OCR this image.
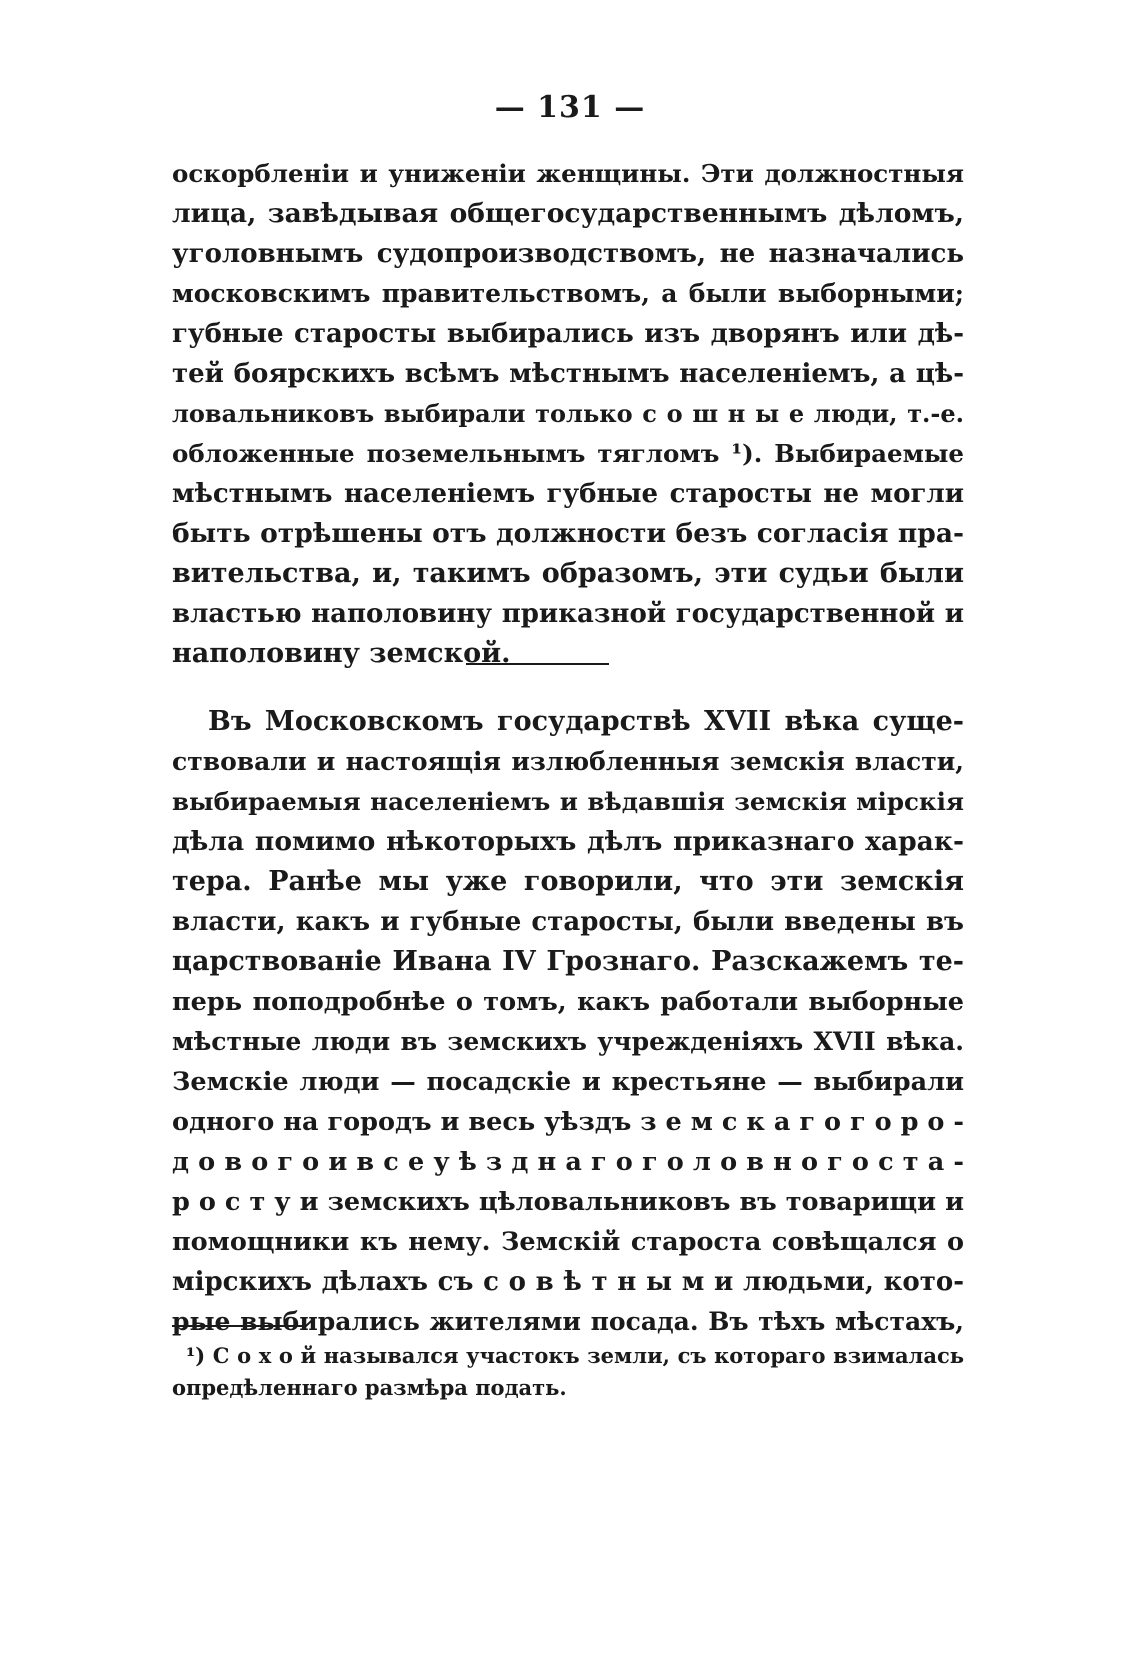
— 131 —
оскорбленіи и униженіи женщины. Эти должностныя
лица, завѣдывая общегосударственнымъ дѣломъ,
уголовнымъ судопроизводствомъ, не назначались
московскимъ правительствомъ, а были выборными;
губные старосты выбирались изъ дворянъ или дѣ-
тей боярскихъ всѣмъ мѣстнымъ населеніемъ, а цѣ-
ловальниковъ выбирали только с о ш н ы е люди, т.-е.
обложенные поземельнымъ тягломъ ¹). Выбираемые
мѣстнымъ населеніемъ губные старосты не могли
быть отрѣшены отъ должности безъ согласія пра-
вительства, и, такимъ образомъ, эти судьи были
властью наполовину приказной государственной и
наполовину земской.
Въ Московскомъ государствѣ XVII вѣка суще-
ствовали и настоящія излюбленныя земскія власти,
выбираемыя населеніемъ и вѣдавшія земскія мірскія
дѣла помимо нѣкоторыхъ дѣлъ приказнаго харак-
тера. Ранѣе мы уже говорили, что эти земскія
власти, какъ и губные старосты, были введены въ
царствованіе Ивана IV Грознаго. Разскажемъ те-
перь поподробнѣе о томъ, какъ работали выборные
мѣстные люди въ земскихъ учрежденіяхъ XVII вѣка.
Земскіе люди — посадскіе и крестьяне — выбирали
одного на городъ и весь уѣздъ з е м с к а г о г о р о -
д о в о г о и в с е у ѣ з д н а г о г о л о в н о г о с т а -
р о с т у и земскихъ цѣловальниковъ въ товарищи и
помощники къ нему. Земскій староста совѣщался о
мірскихъ дѣлахъ съ с о в ѣ т н ы м и людьми, кото-
рые выбирались жителями посада. Въ тѣхъ мѣстахъ,
¹) С о х о й назывался участокъ земли, съ котораго взималась
опредѣленнаго размѣра подать.
